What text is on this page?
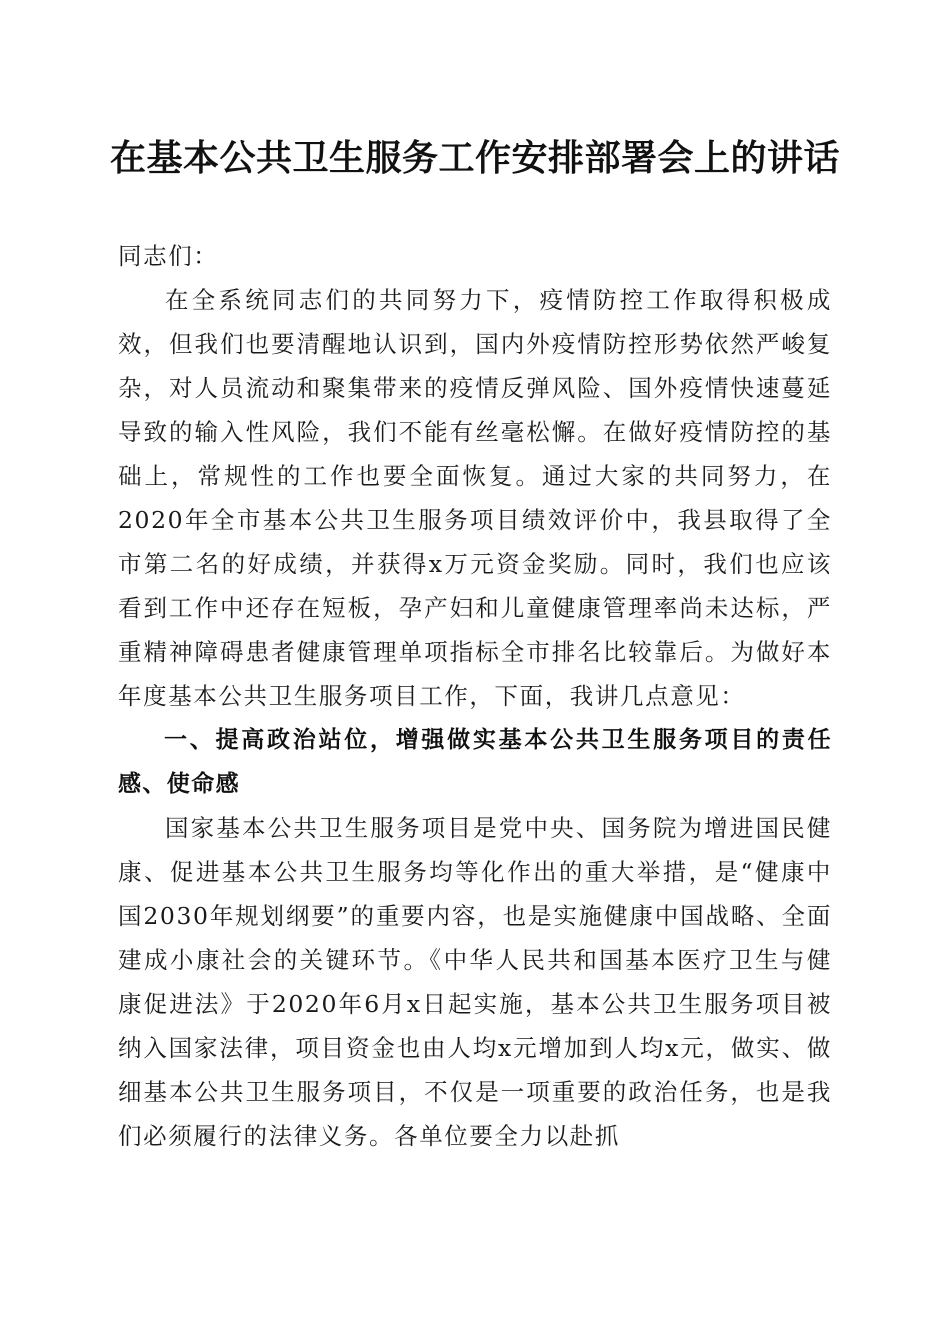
在基本公共卫生服务工作安排部署会上的讲话

同志们：

在全系统同志们的共同努力下，疫情防控工作取得积极成效，但我们也要清醒地认识到，国内外疫情防控形势依然严峻复杂，对人员流动和聚集带来的疫情反弹风险、国外疫情快速蔓延导致的输入性风险，我们不能有丝毫松懈。在做好疫情防控的基础上，常规性的工作也要全面恢复。通过大家的共同努力，在2020年全市基本公共卫生服务项目绩效评价中，我县取得了全市第二名的好成绩，并获得x万元资金奖励。同时，我们也应该看到工作中还存在短板，孕产妇和儿童健康管理率尚未达标，严重精神障碍患者健康管理单项指标全市排名比较靠后。为做好本年度基本公共卫生服务项目工作，下面，我讲几点意见：

一、提高政治站位，增强做实基本公共卫生服务项目的责任感、使命感

国家基本公共卫生服务项目是党中央、国务院为增进国民健康、促进基本公共卫生服务均等化作出的重大举措，是“健康中国2030年规划纲要”的重要内容，也是实施健康中国战略、全面建成小康社会的关键环节。《中华人民共和国基本医疗卫生与健康促进法》于2020年6月x日起实施，基本公共卫生服务项目被纳入国家法律，项目资金也由人均x元增加到人均x元，做实、做细基本公共卫生服务项目，不仅是一项重要的政治任务，也是我们必须履行的法律义务。各单位要全力以赴抓
